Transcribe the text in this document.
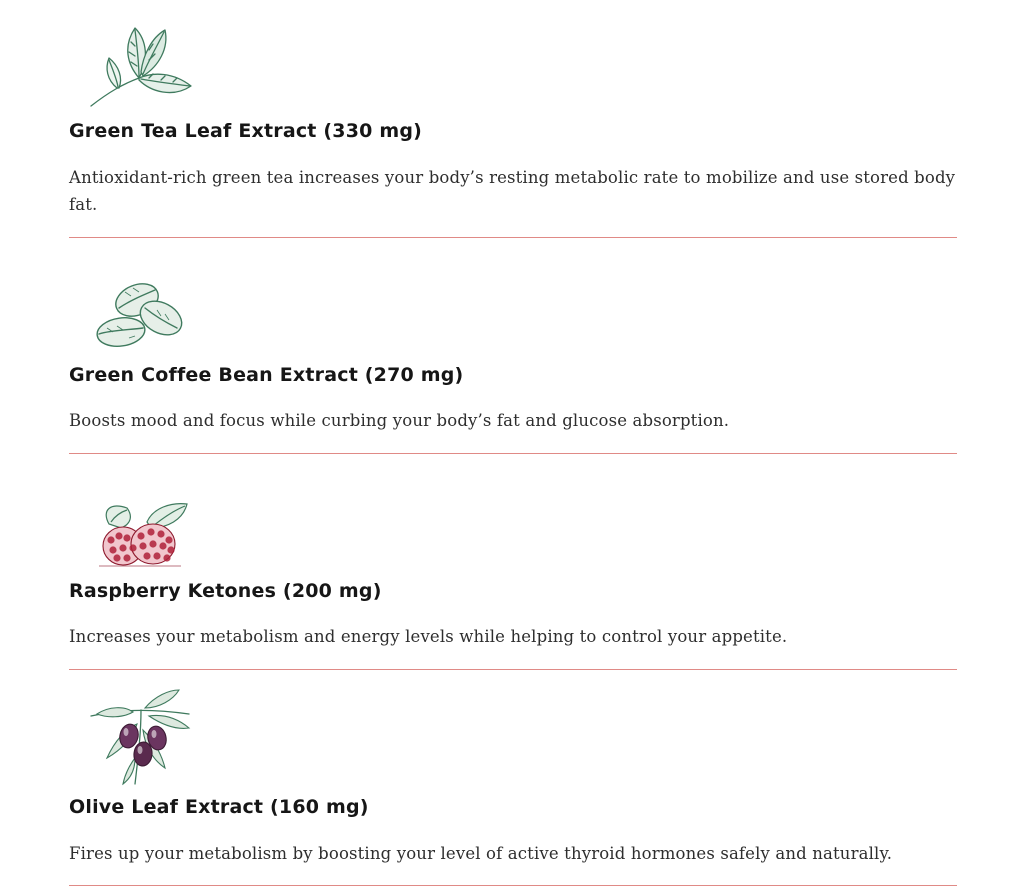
Green Tea Leaf Extract (330 mg)

Antioxidant-rich green tea increases your body’s resting metabolic rate to mobilize and use stored body fat.

Green Coffee Bean Extract (270 mg)

Boosts mood and focus while curbing your body’s fat and glucose absorption.

Raspberry Ketones (200 mg)

Increases your metabolism and energy levels while helping to control your appetite.

Olive Leaf Extract (160 mg)

Fires up your metabolism by boosting your level of active thyroid hormones safely and naturally.
